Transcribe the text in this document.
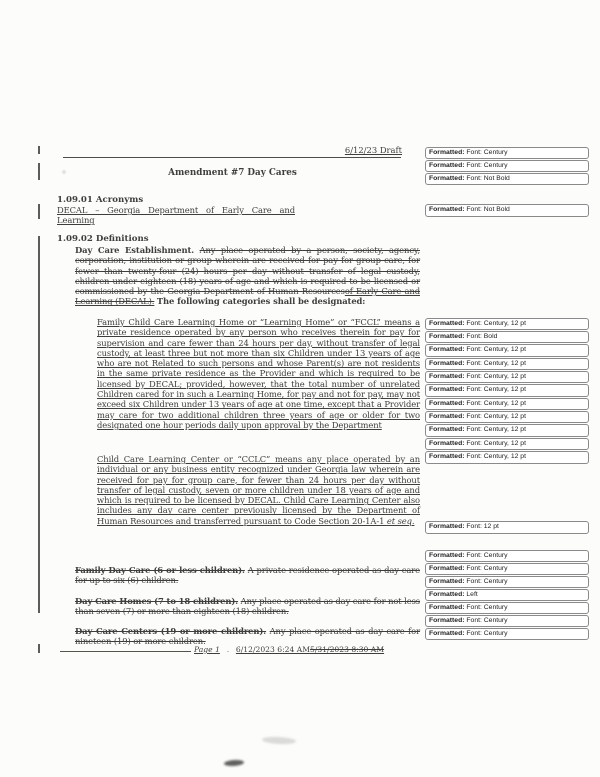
6/12/23 Draft
Amendment #7 Day Cares
1.09.01 Acronyms
DECAL – Georgia Department of Early Care and Learning
1.09.02 Definitions
Day Care Establishment. Any place operated by a person, society, agency, corporation, institution or group wherein are received for pay for group care, for fewer than twenty-four (24) hours per day without transfer of legal custody, children under eighteen (18) years of age and which is required to be licensed or commissioned by the Georgia Department of Human Resourcesof Early Care and Learning (DECAL). The following categories shall be designated:
Family Child Care Learning Home or “Learning Home” or “FCCL” means a private residence operated by any person who receives therein for pay for supervision and care fewer than 24 hours per day, without transfer of legal custody, at least three but not more than six Children under 13 years of age who are not Related to such persons and whose Parent(s) are not residents in the same private residence as the Provider and which is required to be licensed by DECAL; provided, however, that the total number of unrelated Children cared for in such a Learning Home, for pay and not for pay, may not exceed six Children under 13 years of age at one time, except that a Provider may care for two additional children three years of age or older for two designated one hour periods daily upon approval by the Department
Child Care Learning Center or “CCLC” means any place operated by an individual or any business entity recognized under Georgia law wherein are received for pay for group care, for fewer than 24 hours per day without transfer of legal custody, seven or more children under 18 years of age and which is required to be licensed by DECAL. Child Care Learning Center also includes any day care center previously licensed by the Department of Human Resources and transferred pursuant to Code Section 20-1A-1 et seq.
Family Day Care (6 or less children). A private residence operated as day care for up to six (6) children.
Day Care Homes (7 to 18 children). Any place operated as day care for not less than seven (7) or more than eighteen (18) children.
Day Care Centers (19 or more children). Any place operated as day care for nineteen (19) or more children.
Page 1 . 6/12/2023 6:24 AM 5/31/2023 8:30 AM
Formatted: Font: Century
Formatted: Font: Century
Formatted: Font: Not Bold
Formatted: Font: Not Bold
Formatted: Font: Century, 12 pt
Formatted: Font: Bold
Formatted: Font: Century, 12 pt
Formatted: Font: Century, 12 pt
Formatted: Font: Century, 12 pt
Formatted: Font: Century, 12 pt
Formatted: Font: Century, 12 pt
Formatted: Font: Century, 12 pt
Formatted: Font: Century, 12 pt
Formatted: Font: Century, 12 pt
Formatted: Font: Century, 12 pt
Formatted: Font: 12 pt
Formatted: Font: Century
Formatted: Font: Century
Formatted: Font: Century
Formatted: Left
Formatted: Font: Century
Formatted: Font: Century
Formatted: Font: Century
